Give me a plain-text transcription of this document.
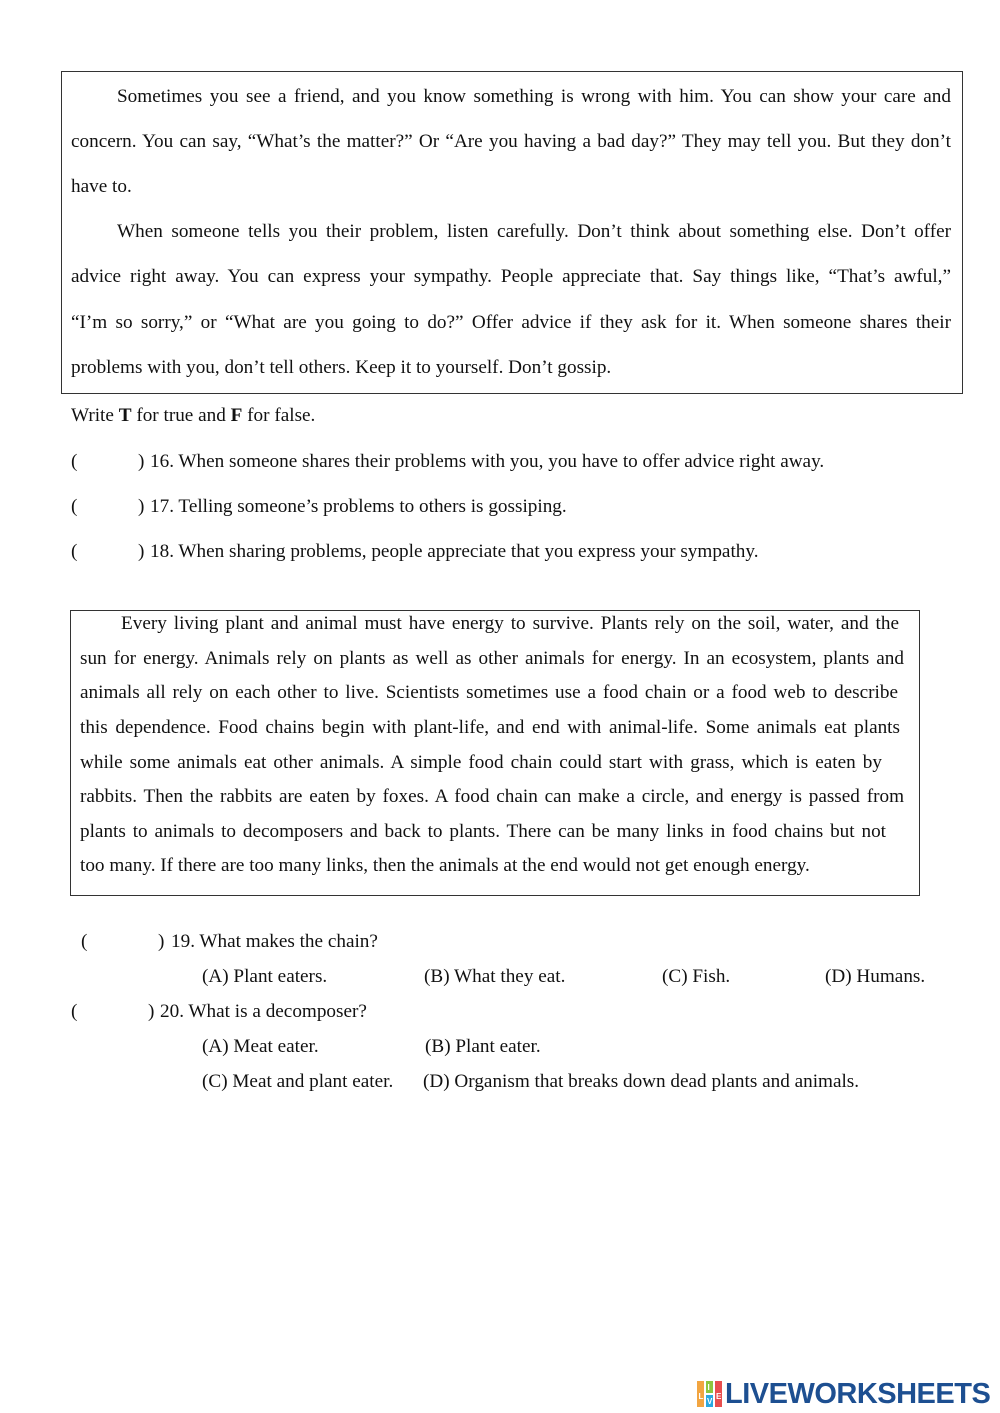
Sometimes you see a friend, and you know something is wrong with him. You can show your care and
concern. You can say, “What’s the matter?” Or “Are you having a bad day?” They may tell you. But they don’t
have to.
When someone tells you their problem, listen carefully. Don’t think about something else. Don’t offer
advice right away. You can express your sympathy. People appreciate that. Say things like, “That’s awful,”
“I’m so sorry,” or “What are you going to do?” Offer advice if they ask for it. When someone shares their
problems with you, don’t tell others. Keep it to yourself. Don’t gossip.
Write T for true and F for false.
(	) 16. When someone shares their problems with you, you have to offer advice right away.
(	) 17. Telling someone’s problems to others is gossiping.
(	) 18. When sharing problems, people appreciate that you express your sympathy.
Every living plant and animal must have energy to survive. Plants rely on the soil, water, and the
sun for energy. Animals rely on plants as well as other animals for energy. In an ecosystem, plants and
animals all rely on each other to live. Scientists sometimes use a food chain or a food web to describe
this dependence. Food chains begin with plant-life, and end with animal-life. Some animals eat plants
while some animals eat other animals. A simple food chain could start with grass, which is eaten by
rabbits. Then the rabbits are eaten by foxes. A food chain can make a circle, and energy is passed from
plants to animals to decomposers and back to plants. There can be many links in food chains but not
too many. If there are too many links, then the animals at the end would not get enough energy.
(	) 19. What makes the chain?
(A) Plant eaters.	(B) What they eat.	(C) Fish.	(D) Humans.
(	) 20. What is a decomposer?
(A) Meat eater.	(B) Plant eater.
(C) Meat and plant eater. (D) Organism that breaks down dead plants and animals.
L
I
V
E LIVEWORKSHEETS
